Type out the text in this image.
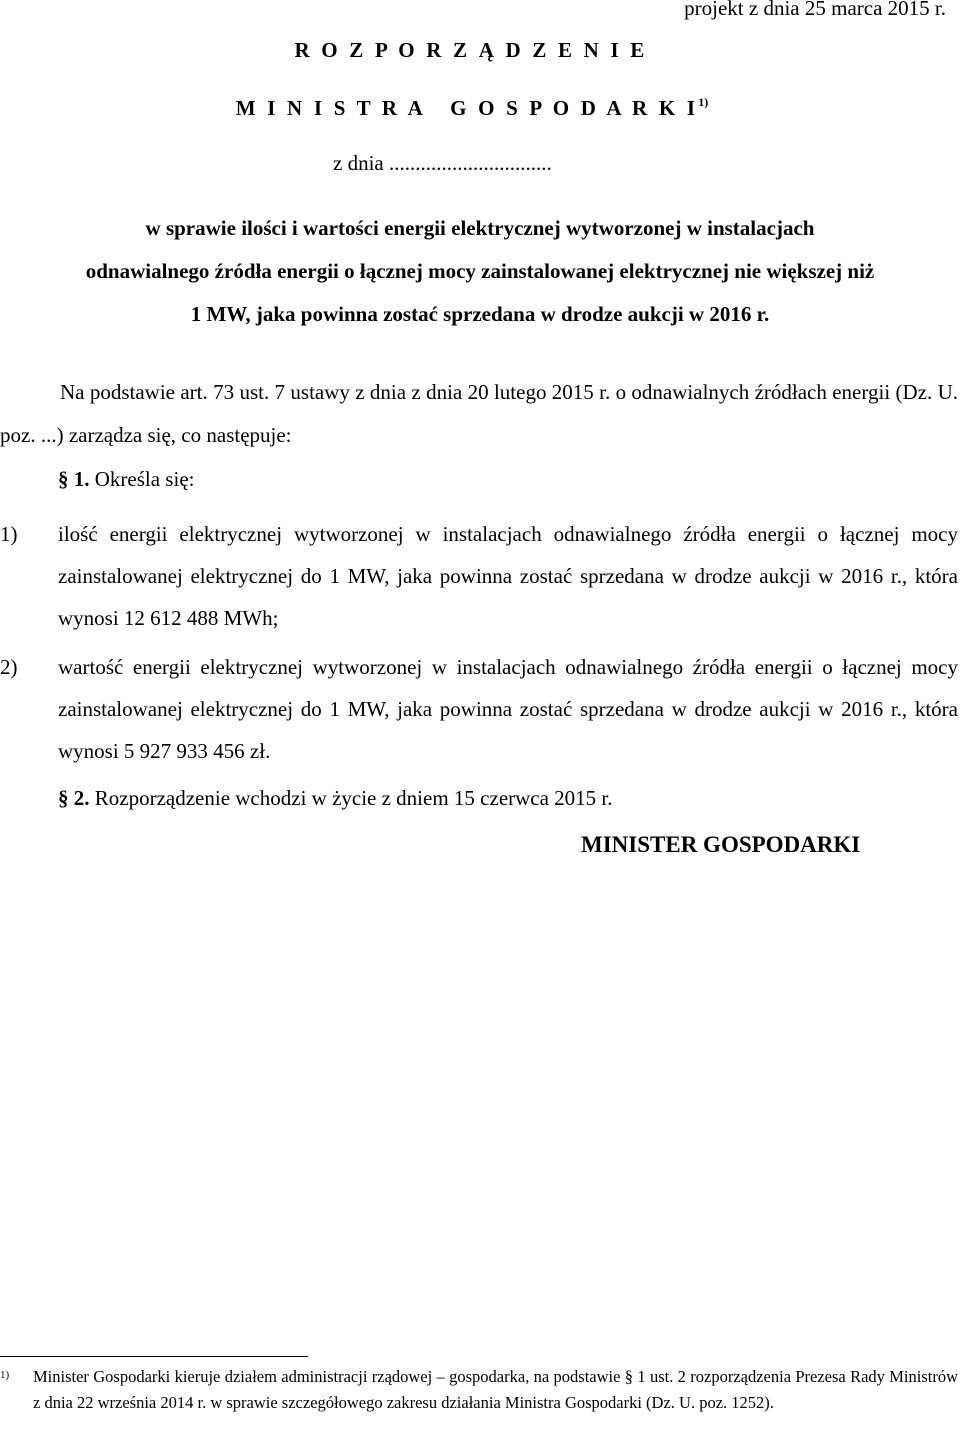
projekt z dnia 25 marca 2015 r.
R O Z P O R Z Ą D Z E N I E
M I N I S T R A   G O S P O D A R K $I^{1)}$
z dnia ...............................
w sprawie ilości i wartości energii elektrycznej wytworzonej w instalacjach
odnawialnego źródła energii o łącznej mocy zainstalowanej elektrycznej nie większej niż
1 MW, jaka powinna zostać sprzedana w drodze aukcji w 2016 r.
Na podstawie art. 73 ust. 7 ustawy z dnia z dnia 20 lutego 2015 r. o odnawialnych źródłach energii (Dz. U. poz. ...) zarządza się, co następuje:
§ 1. Określa się:
1) ilość energii elektrycznej wytworzonej w instalacjach odnawialnego źródła energii o łącznej mocy zainstalowanej elektrycznej do 1 MW, jaka powinna zostać sprzedana w drodze aukcji w 2016 r., która wynosi 12 612 488 MWh;
2) wartość energii elektrycznej wytworzonej w instalacjach odnawialnego źródła energii o łącznej mocy zainstalowanej elektrycznej do 1 MW, jaka powinna zostać sprzedana w drodze aukcji w 2016 r., która wynosi 5 927 933 456 zł.
§ 2. Rozporządzenie wchodzi w życie z dniem 15 czerwca 2015 r.
MINISTER GOSPODARKI
1) Minister Gospodarki kieruje działem administracji rządowej – gospodarka, na podstawie § 1 ust. 2 rozporządzenia Prezesa Rady Ministrów z dnia 22 września 2014 r. w sprawie szczegółowego zakresu działania Ministra Gospodarki (Dz. U. poz. 1252).
